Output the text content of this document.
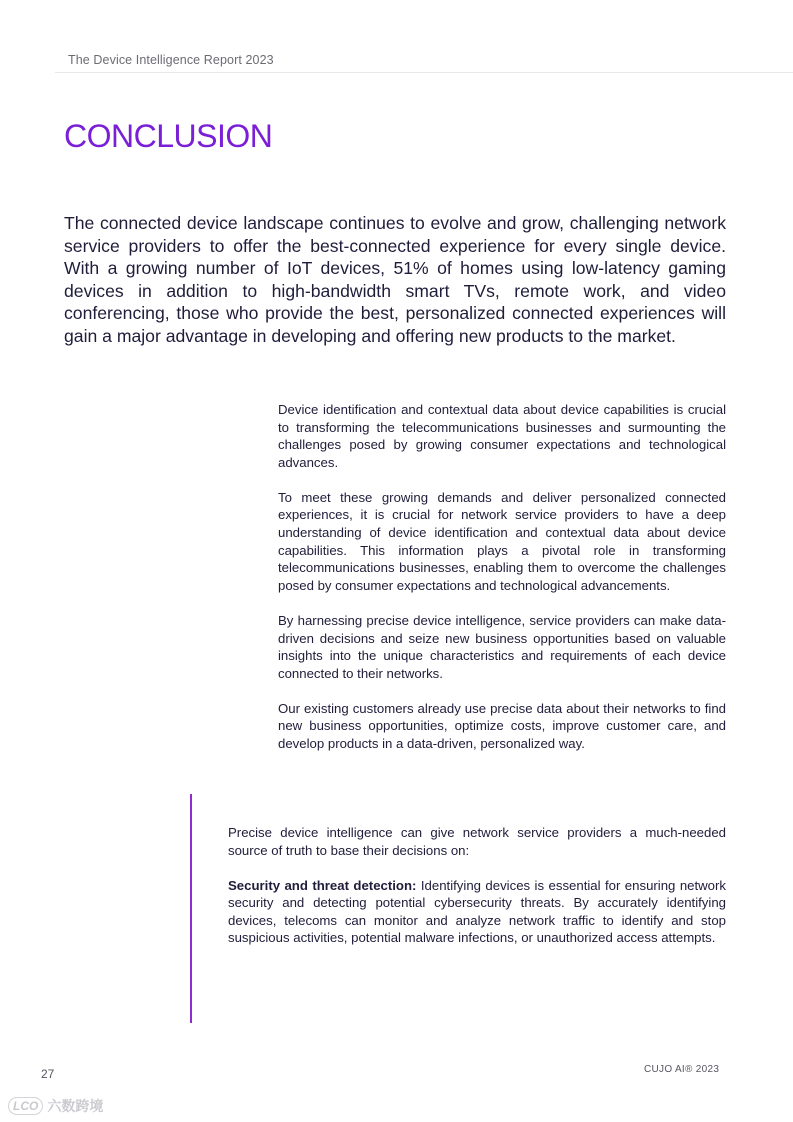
The Device Intelligence Report 2023
CONCLUSION

The connected device landscape continues to evolve and grow, challenging network service providers to offer the best-connected experience for every single device. With a growing number of IoT devices, 51% of homes using low-latency gaming devices in addition to high-bandwidth smart TVs, remote work, and video conferencing, those who provide the best, personalized connected experiences will gain a major advantage in developing and offering new products to the market.

Device identification and contextual data about device capabilities is crucial to transforming the telecommunications businesses and surmounting the challenges posed by growing consumer expectations and technological advances.

To meet these growing demands and deliver personalized connected experiences, it is crucial for network service providers to have a deep understanding of device identification and contextual data about device capabilities. This information plays a pivotal role in transforming telecommunications businesses, enabling them to overcome the challenges posed by consumer expectations and technological advancements.

By harnessing precise device intelligence, service providers can make data-driven decisions and seize new business opportunities based on valuable insights into the unique characteristics and requirements of each device connected to their networks.

Our existing customers already use precise data about their networks to find new business opportunities, optimize costs, improve customer care, and develop products in a data-driven, personalized way.

Precise device intelligence can give network service providers a much-needed source of truth to base their decisions on:

Security and threat detection: Identifying devices is essential for ensuring network security and detecting potential cybersecurity threats. By accurately identifying devices, telecoms can monitor and analyze network traffic to identify and stop suspicious activities, potential malware infections, or unauthorized access attempts.

27	CUJO AI® 2023
LCO 六数跨境
